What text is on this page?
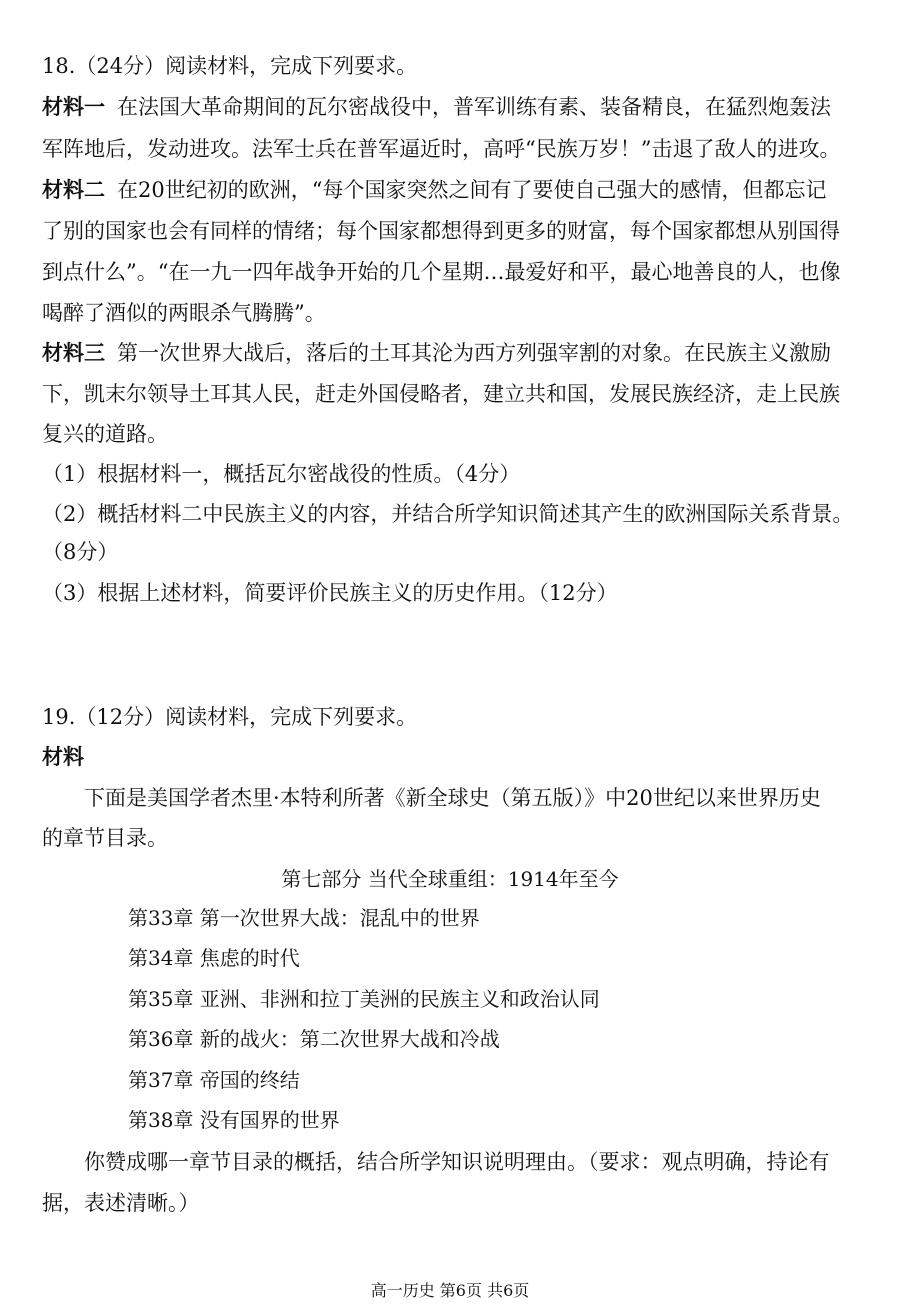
18.（24分）阅读材料，完成下列要求。
材料一 在法国大革命期间的瓦尔密战役中，普军训练有素、装备精良，在猛烈炮轰法
军阵地后，发动进攻。法军士兵在普军逼近时，高呼“民族万岁！”击退了敌人的进攻。
材料二 在20世纪初的欧洲，“每个国家突然之间有了要使自己强大的感情，但都忘记
了别的国家也会有同样的情绪；每个国家都想得到更多的财富，每个国家都想从别国得
到点什么”。“在一九一四年战争开始的几个星期…最爱好和平，最心地善良的人，也像
喝醉了酒似的两眼杀气腾腾”。
材料三 第一次世界大战后，落后的土耳其沦为西方列强宰割的对象。在民族主义激励
下，凯末尔领导土耳其人民，赶走外国侵略者，建立共和国，发展民族经济，走上民族
复兴的道路。
（1）根据材料一，概括瓦尔密战役的性质。（4分）
（2）概括材料二中民族主义的内容，并结合所学知识简述其产生的欧洲国际关系背景。
（8分）
（3）根据上述材料，简要评价民族主义的历史作用。（12分）
19.（12分）阅读材料，完成下列要求。
材料
下面是美国学者杰里·本特利所著《新全球史（第五版）》中20世纪以来世界历史
的章节目录。
第七部分 当代全球重组：1914年至今
第33章 第一次世界大战：混乱中的世界
第34章 焦虑的时代
第35章 亚洲、非洲和拉丁美洲的民族主义和政治认同
第36章 新的战火：第二次世界大战和冷战
第37章 帝国的终结
第38章 没有国界的世界
你赞成哪一章节目录的概括，结合所学知识说明理由。（要求：观点明确，持论有
据，表述清晰。）
高一历史 第6页 共6页
